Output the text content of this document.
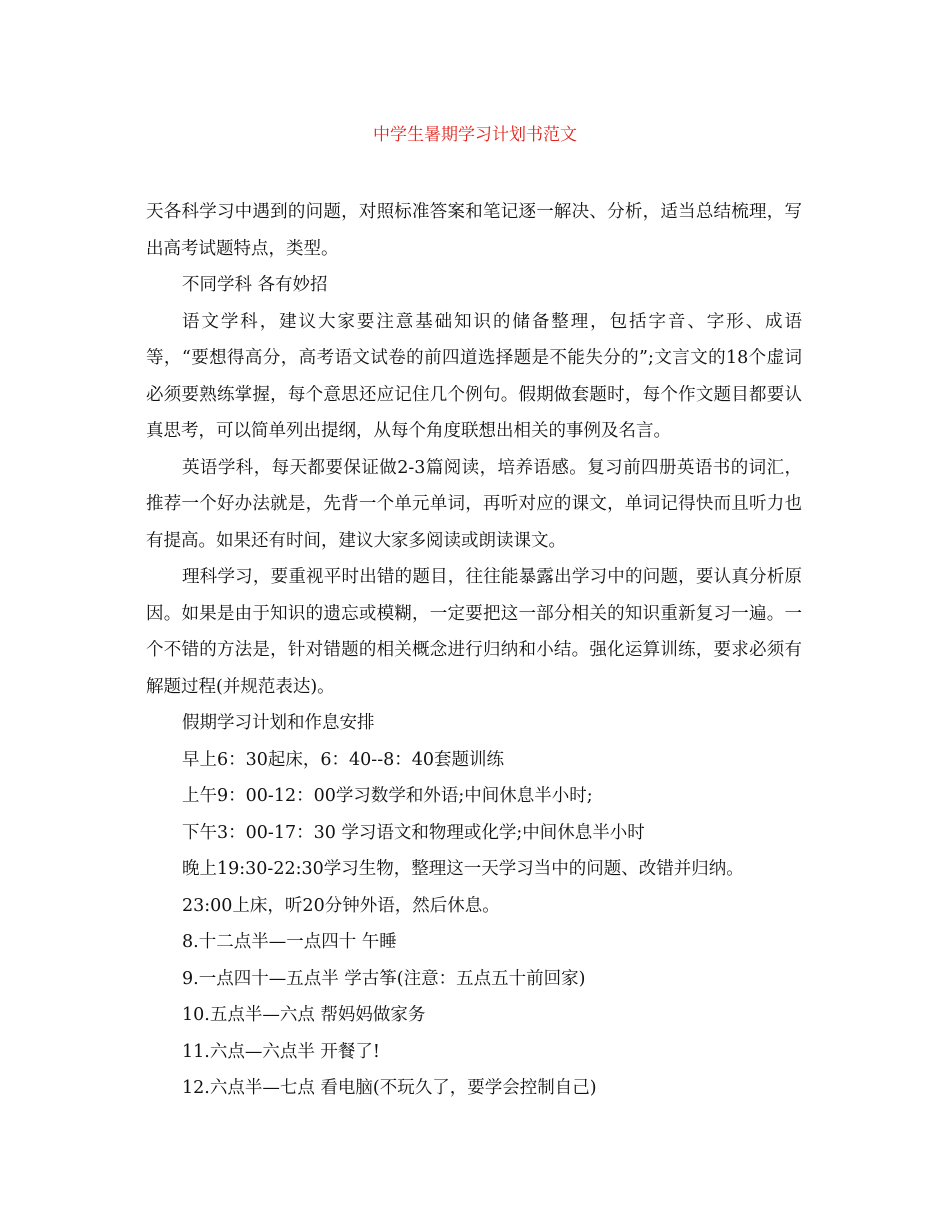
中学生暑期学习计划书范文

天各科学习中遇到的问题，对照标准答案和笔记逐一解决、分析，适当总结梳理，写出高考试题特点，类型。

不同学科 各有妙招

语文学科，建议大家要注意基础知识的储备整理，包括字音、字形、成语等，“要想得高分，高考语文试卷的前四道选择题是不能失分的”;文言文的18个虚词必须要熟练掌握，每个意思还应记住几个例句。假期做套题时，每个作文题目都要认真思考，可以简单列出提纲，从每个角度联想出相关的事例及名言。

英语学科，每天都要保证做2-3篇阅读，培养语感。复习前四册英语书的词汇，推荐一个好办法就是，先背一个单元单词，再听对应的课文，单词记得快而且听力也有提高。如果还有时间，建议大家多阅读或朗读课文。

理科学习，要重视平时出错的题目，往往能暴露出学习中的问题，要认真分析原因。如果是由于知识的遗忘或模糊，一定要把这一部分相关的知识重新复习一遍。一个不错的方法是，针对错题的相关概念进行归纳和小结。强化运算训练，要求必须有解题过程(并规范表达)。

假期学习计划和作息安排

早上6：30起床，6：40--8：40套题训练

上午9：00-12：00学习数学和外语;中间休息半小时;

下午3：00-17：30 学习语文和物理或化学;中间休息半小时

晚上19:30-22:30学习生物，整理这一天学习当中的问题、改错并归纳。

23:00上床，听20分钟外语，然后休息。

8.十二点半—一点四十 午睡

9.一点四十—五点半 学古筝(注意：五点五十前回家)

10.五点半—六点 帮妈妈做家务

11.六点—六点半 开餐了!

12.六点半—七点 看电脑(不玩久了，要学会控制自己)
